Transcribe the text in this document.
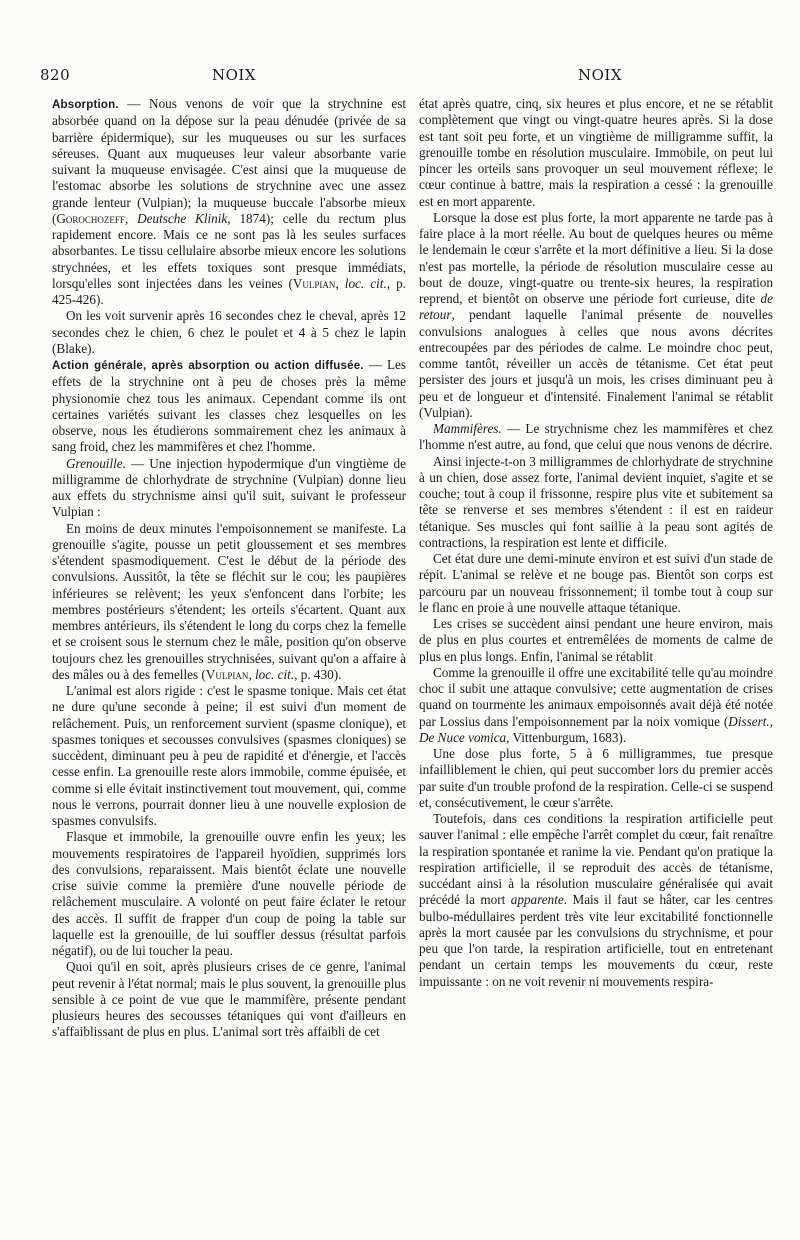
820	NOIX	NOIX

Absorption. — Nous venons de voir que la strychnine est absorbée quand on la dépose sur la peau dénudée (privée de sa barrière épidermique), sur les muqueuses ou sur les surfaces séreuses. Quant aux muqueuses leur valeur absorbante varie suivant la muqueuse envisagée. C'est ainsi que la muqueuse de l'estomac absorbe les solutions de strychnine avec une assez grande lenteur (Vulpian); la muqueuse buccale l'absorbe mieux (Gorochozeff, Deutsche Klinik, 1874); celle du rectum plus rapidement encore. Mais ce ne sont pas là les seules surfaces absorbantes. Le tissu cellulaire absorbe mieux encore les solutions strychnées, et les effets toxiques sont presque immédiats, lorsqu'elles sont injectées dans les veines (Vulpian, loc. cit., p. 425-426).

On les voit survenir après 16 secondes chez le cheval, après 12 secondes chez le chien, 6 chez le poulet et 4 à 5 chez le lapin (Blake).

Action générale, après absorption ou action diffusée. — Les effets de la strychnine ont à peu de choses près la même physionomie chez tous les animaux. Cependant comme ils ont certaines variétés suivant les classes chez lesquelles on les observe, nous les étudierons sommairement chez les animaux à sang froid, chez les mammifères et chez l'homme.

Grenouille. — Une injection hypodermique d'un vingtième de milligramme de chlorhydrate de strychnine (Vulpian) donne lieu aux effets du strychnisme ainsi qu'il suit, suivant le professeur Vulpian :

En moins de deux minutes l'empoisonnement se manifeste. La grenouille s'agite, pousse un petit gloussement et ses membres s'étendent spasmodiquement. C'est le début de la période des convulsions. Aussitôt, la tête se fléchit sur le cou; les paupières inférieures se relèvent; les yeux s'enfoncent dans l'orbite; les membres postérieurs s'étendent; les orteils s'écartent. Quant aux membres antérieurs, ils s'étendent le long du corps chez la femelle et se croisent sous le sternum chez le mâle, position qu'on observe toujours chez les grenouilles strychnisées, suivant qu'on a affaire à des mâles ou à des femelles (Vulpian, loc. cit., p. 430).

L'animal est alors rigide : c'est le spasme tonique. Mais cet état ne dure qu'une seconde à peine; il est suivi d'un moment de relâchement. Puis, un renforcement survient (spasme clonique), et spasmes toniques et secousses convulsives (spasmes cloniques) se succèdent, diminuant peu à peu de rapidité et d'énergie, et l'accès cesse enfin. La grenouille reste alors immobile, comme épuisée, et comme si elle évitait instinctivement tout mouvement, qui, comme nous le verrons, pourrait donner lieu à une nouvelle explosion de spasmes convulsifs.

Flasque et immobile, la grenouille ouvre enfin les yeux; les mouvements respiratoires de l'appareil hyoïdien, supprimés lors des convulsions, reparaissent. Mais bientôt éclate une nouvelle crise suivie comme la première d'une nouvelle période de relâchement musculaire. A volonté on peut faire éclater le retour des accès. Il suffit de frapper d'un coup de poing la table sur laquelle est la grenouille, de lui souffler dessus (résultat parfois négatif), ou de lui toucher la peau.

Quoi qu'il en soit, après plusieurs crises de ce genre, l'animal peut revenir à l'état normal; mais le plus souvent, la grenouille plus sensible à ce point de vue que le mammifère, présente pendant plusieurs heures des secousses tétaniques qui vont d'ailleurs en s'affaiblissant de plus en plus. L'animal sort très affaibli de cet

état après quatre, cinq, six heures et plus encore, et ne se rétablit complètement que vingt ou vingt-quatre heures après. Si la dose est tant soit peu forte, et un vingtième de milligramme suffit, la grenouille tombe en résolution musculaire. Immobile, on peut lui pincer les orteils sans provoquer un seul mouvement réflexe; le cœur continue à battre, mais la respiration a cessé : la grenouille est en mort apparente.

Lorsque la dose est plus forte, la mort apparente ne tarde pas à faire place à la mort réelle. Au bout de quelques heures ou même le lendemain le cœur s'arrête et la mort définitive a lieu. Si la dose n'est pas mortelle, la période de résolution musculaire cesse au bout de douze, vingt-quatre ou trente-six heures, la respiration reprend, et bientôt on observe une période fort curieuse, dite de retour, pendant laquelle l'animal présente de nouvelles convulsions analogues à celles que nous avons décrites entrecoupées par des périodes de calme. Le moindre choc peut, comme tantôt, réveiller un accès de tétanisme. Cet état peut persister des jours et jusqu'à un mois, les crises diminuant peu à peu et de longueur et d'intensité. Finalement l'animal se rétablit (Vulpian).

Mammifères. — Le strychnisme chez les mammifères et chez l'homme n'est autre, au fond, que celui que nous venons de décrire.

Ainsi injecte-t-on 3 milligrammes de chlorhydrate de strychnine à un chien, dose assez forte, l'animal devient inquiet, s'agite et se couche; tout à coup il frissonne, respire plus vite et subitement sa tête se renverse et ses membres s'étendent : il est en raideur tétanique. Ses muscles qui font saillie à la peau sont agités de contractions, la respiration est lente et difficile.

Cet état dure une demi-minute environ et est suivi d'un stade de répit. L'animal se relève et ne bouge pas. Bientôt son corps est parcouru par un nouveau frissonnement; il tombe tout à coup sur le flanc en proie à une nouvelle attaque tétanique.

Les crises se succèdent ainsi pendant une heure environ, mais de plus en plus courtes et entremêlées de moments de calme de plus en plus longs. Enfin, l'animal se rétablit

Comme la grenouille il offre une excitabilité telle qu'au moindre choc il subit une attaque convulsive; cette augmentation de crises quand on tourmente les animaux empoisonnés avait déjà été notée par Lossius dans l'empoisonnement par la noix vomique (Dissert., De Nuce vomica, Vittenburgum, 1683).

Une dose plus forte, 5 à 6 milligrammes, tue presque infailliblement le chien, qui peut succomber lors du premier accès par suite d'un trouble profond de la respiration. Celle-ci se suspend et, consécutivement, le cœur s'arrête.

Toutefois, dans ces conditions la respiration artificielle peut sauver l'animal : elle empêche l'arrêt complet du cœur, fait renaître la respiration spontanée et ranime la vie. Pendant qu'on pratique la respiration artificielle, il se reproduit des accès de tétanisme, succédant ainsi à la résolution musculaire généralisée qui avait précédé la mort apparente. Mais il faut se hâter, car les centres bulbo-médullaires perdent très vite leur excitabilité fonctionnelle après la mort causée par les convulsions du strychnisme, et pour peu que l'on tarde, la respiration artificielle, tout en entretenant pendant un certain temps les mouvements du cœur, reste impuissante : on ne voit revenir ni mouvements respira-
